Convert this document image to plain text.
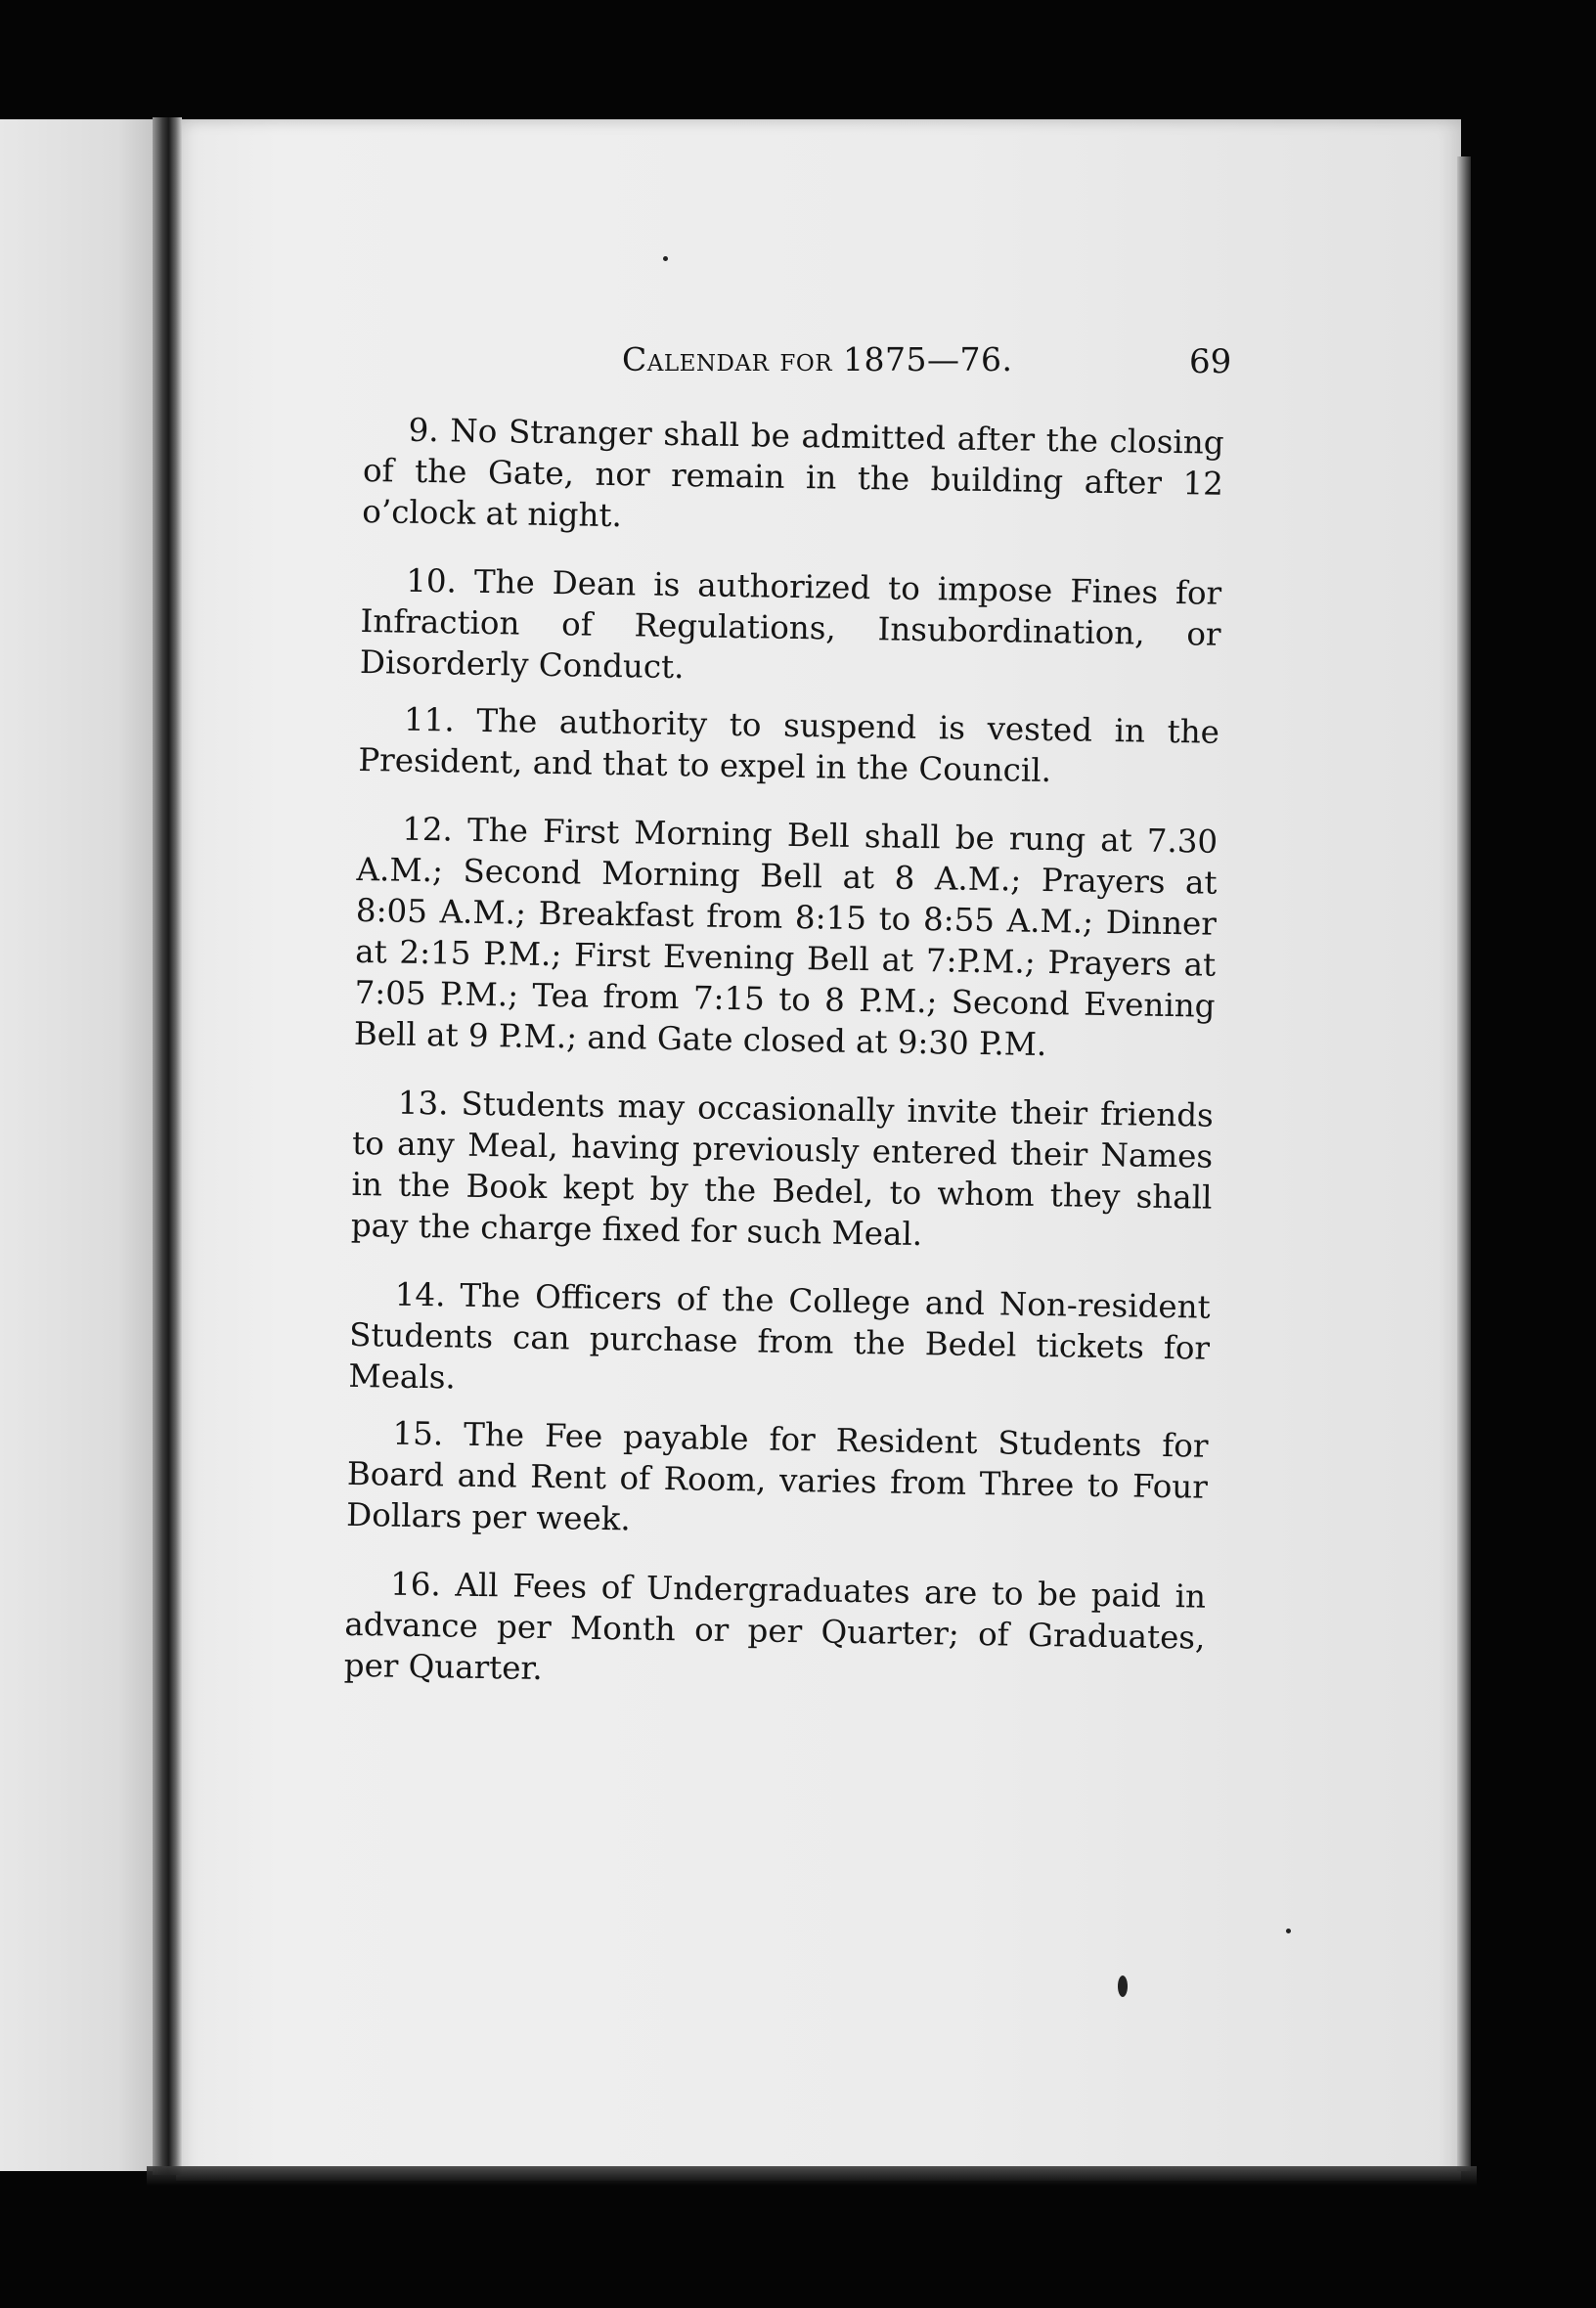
Calendar for 1875—76.	69

9. No Stranger shall be admitted after the closing of the Gate, nor remain in the building after 12 o’clock at night.

10. The Dean is authorized to impose Fines for Infraction of Regulations, Insubordination, or Disorderly Conduct.

11. The authority to suspend is vested in the President, and that to expel in the Council.

12. The First Morning Bell shall be rung at 7.30 A.M.; Second Morning Bell at 8 A.M.; Prayers at 8:05 A.M.; Breakfast from 8:15 to 8:55 A.M.; Dinner at 2:15 P.M.; First Evening Bell at 7:P.M.; Prayers at 7:05 P.M.; Tea from 7:15 to 8 P.M.; Second Evening Bell at 9 P.M.; and Gate closed at 9:30 P.M.

13. Students may occasionally invite their friends to any Meal, having previously entered their Names in the Book kept by the Bedel, to whom they shall pay the charge fixed for such Meal.

14. The Officers of the College and Non-resident Students can purchase from the Bedel tickets for Meals.

15. The Fee payable for Resident Students for Board and Rent of Room, varies from Three to Four Dollars per week.

16. All Fees of Undergraduates are to be paid in advance per Month or per Quarter; of Graduates, per Quarter.
